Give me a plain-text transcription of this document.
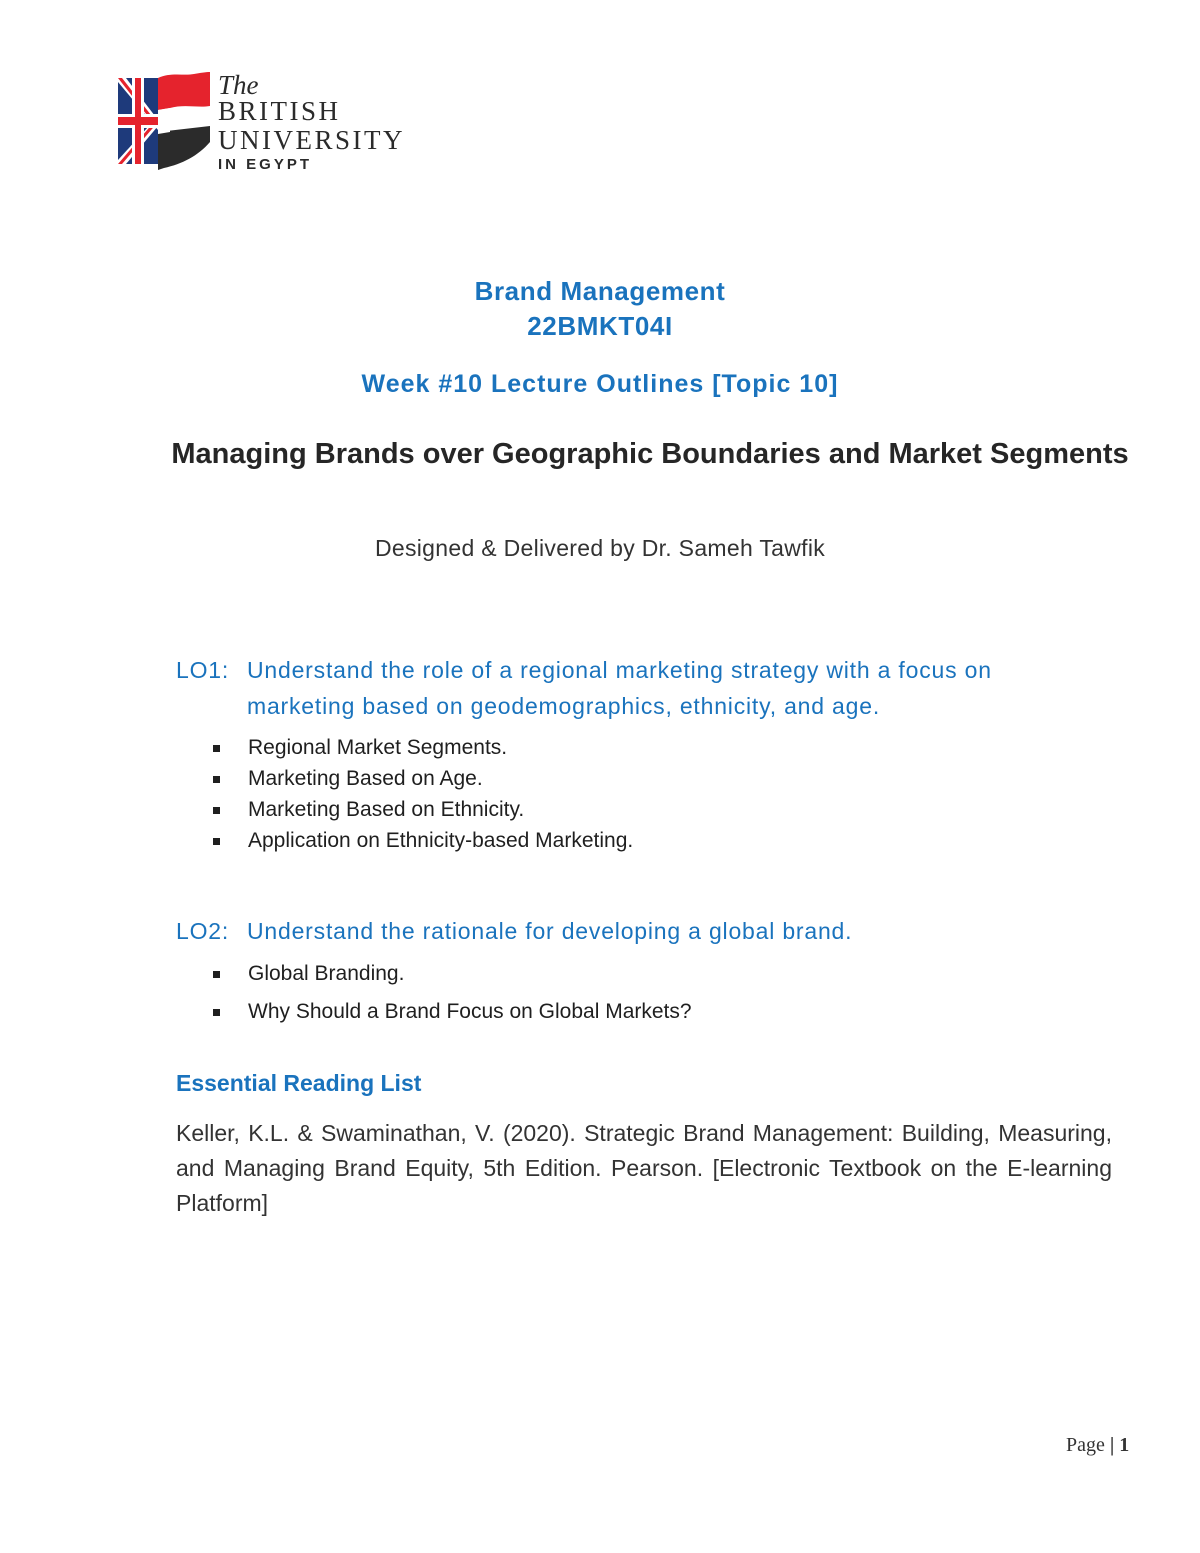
The
BRITISH
UNIVERSITY
IN EGYPT
Brand Management
22BMKT04I
Week #10 Lecture Outlines [Topic 10]
Managing Brands over Geographic Boundaries and Market Segments
Designed & Delivered by Dr. Sameh Tawfik
LO1: Understand the role of a regional marketing strategy with a focus on
marketing based on geodemographics, ethnicity, and age.
Regional Market Segments.
Marketing Based on Age.
Marketing Based on Ethnicity.
Application on Ethnicity-based Marketing.
LO2: Understand the rationale for developing a global brand.
Global Branding.
Why Should a Brand Focus on Global Markets?
Essential Reading List
Keller, K.L. & Swaminathan, V. (2020). Strategic Brand Management: Building, Measuring, and Managing Brand Equity, 5th Edition. Pearson. [Electronic Textbook on the E-learning Platform]
Page | 1
